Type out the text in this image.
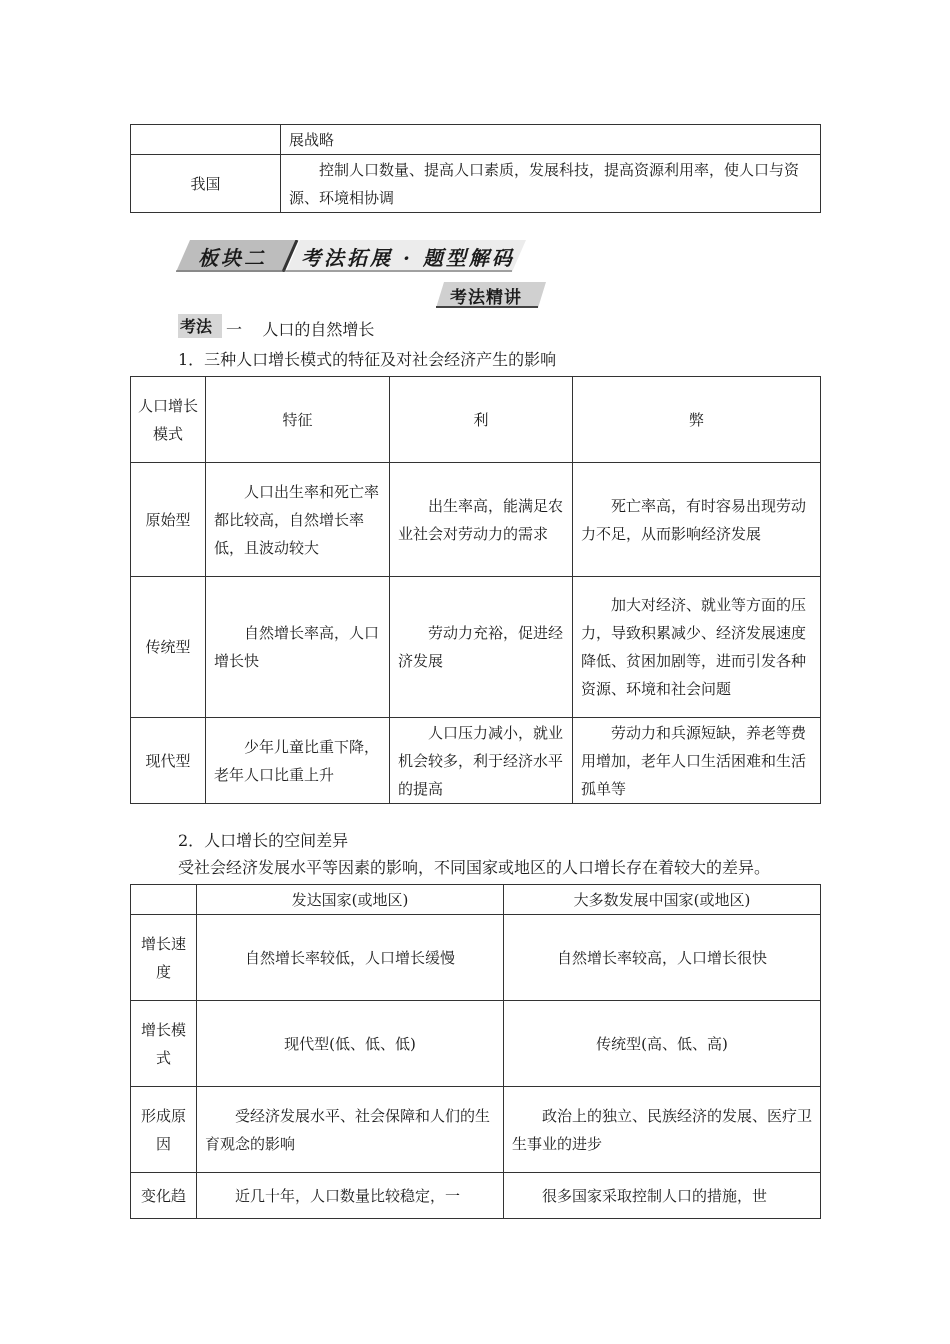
	展战略
我国	控制人口数量、提高人口素质，发展科技，提高资源利用率，使人口与资源、环境相协调
板块二 考法拓展 · 题型解码
考法精讲
考法 一 人口的自然增长
1．三种人口增长模式的特征及对社会经济产生的影响
人口增长模式	特征	利	弊
原始型	人口出生率和死亡率都比较高，自然增长率低，且波动较大	出生率高，能满足农业社会对劳动力的需求	死亡率高，有时容易出现劳动力不足，从而影响经济发展
传统型	自然增长率高，人口增长快	劳动力充裕，促进经济发展	加大对经济、就业等方面的压力，导致积累减少、经济发展速度降低、贫困加剧等，进而引发各种资源、环境和社会问题
现代型	少年儿童比重下降，老年人口比重上升	人口压力减小，就业机会较多，利于经济水平的提高	劳动力和兵源短缺，养老等费用增加，老年人口生活困难和生活孤单等
2．人口增长的空间差异
受社会经济发展水平等因素的影响，不同国家或地区的人口增长存在着较大的差异。
	发达国家(或地区)	大多数发展中国家(或地区)
增长速度	自然增长率较低，人口增长缓慢	自然增长率较高，人口增长很快
增长模式	现代型(低、低、低)	传统型(高、低、高)
形成原因	受经济发展水平、社会保障和人们的生育观念的影响	政治上的独立、民族经济的发展、医疗卫生事业的进步
变化趋	近几十年，人口数量比较稳定，一	很多国家采取控制人口的措施，世
